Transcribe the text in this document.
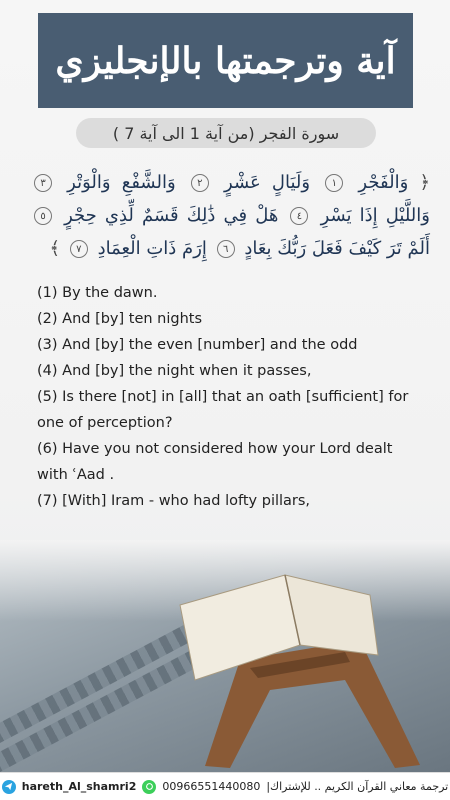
آية وترجمتها بالإنجليزي
سورة الفجر (من آية 1 الى آية 7 )
﴿ وَالْفَجْرِ ١ وَلَيَالٍ عَشْرٍ ٢ وَالشَّفْعِ وَالْوَتْرِ ٣ وَاللَّيْلِ إِذَا يَسْرِ ٤ هَلْ فِي ذَٰلِكَ قَسَمٌ لِّذِي حِجْرٍ ٥ أَلَمْ تَرَ كَيْفَ فَعَلَ رَبُّكَ بِعَادٍ ٦ إِرَمَ ذَاتِ الْعِمَادِ ٧ ﴾
(1) By the dawn.
(2) And [by] ten nights
(3) And [by] the even [number] and the odd
(4) And [by] the night when it passes,
(5) Is there [not] in [all] that an oath [sufficient] for one of perception?
(6) Have you not considered how your Lord dealt with ʿAad .
(7) [With] Iram - who had lofty pillars,
hareth_Al_shamri2 00966551440080 ترجمة معاني القرآن الكريم .. للإشتراك|
